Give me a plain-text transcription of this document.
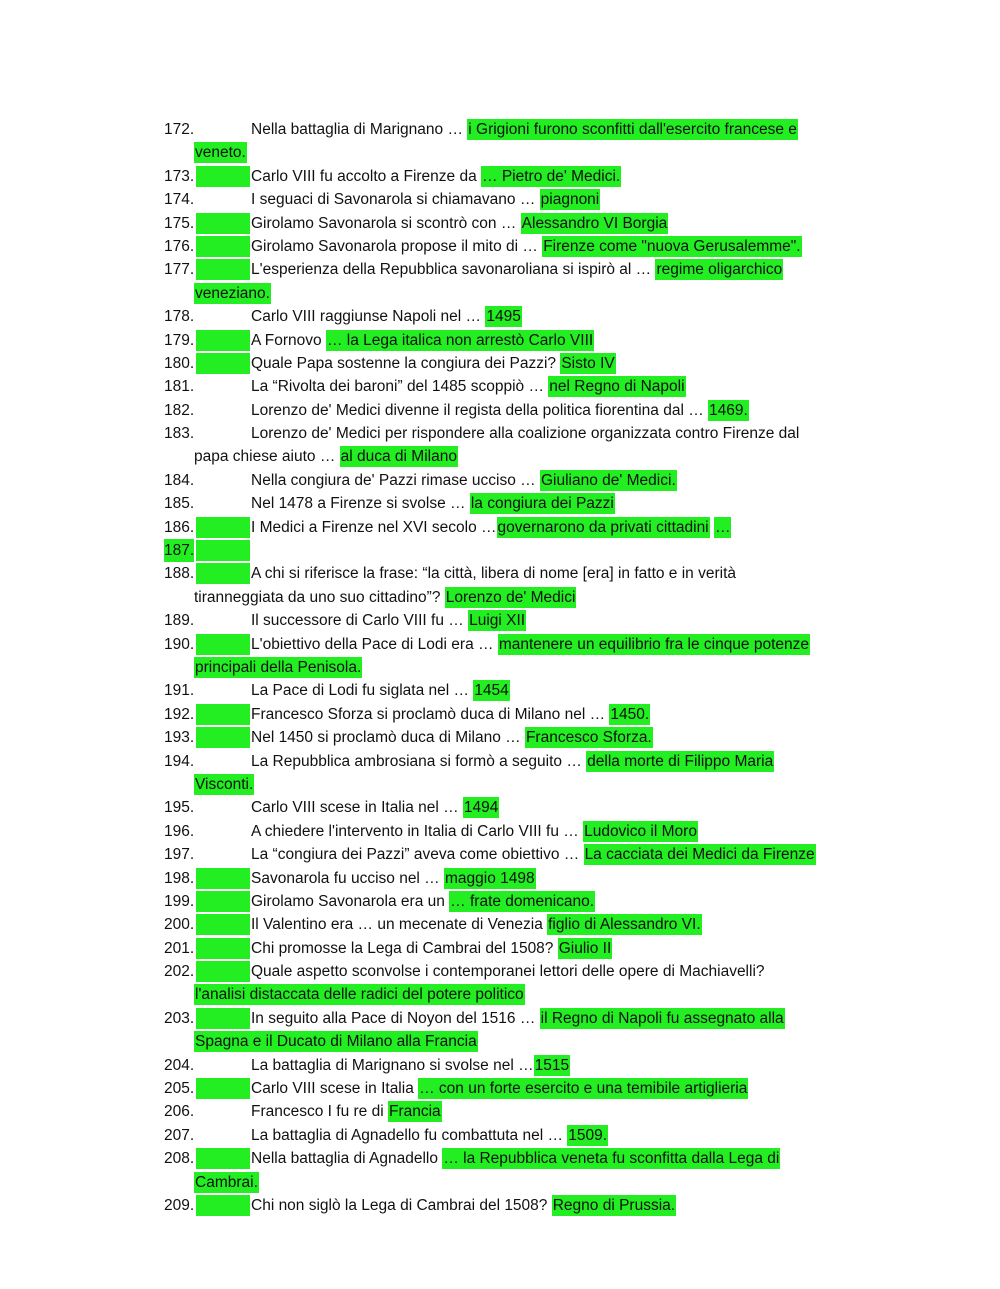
172.	Nella battaglia di Marignano … i Grigioni furono sconfitti dall'esercito francese e
veneto.
173.	Carlo VIII fu accolto a Firenze da … Pietro de' Medici.
174.	I seguaci di Savonarola si chiamavano … piagnoni
175.	Girolamo Savonarola si scontrò con … Alessandro VI Borgia
176.	Girolamo Savonarola propose il mito di … Firenze come "nuova Gerusalemme".
177.	L'esperienza della Repubblica savonaroliana si ispirò al … regime oligarchico
veneziano.
178.	Carlo VIII raggiunse Napoli nel … 1495
179.	A Fornovo … la Lega italica non arrestò Carlo VIII
180.	Quale Papa sostenne la congiura dei Pazzi? Sisto IV
181.	La “Rivolta dei baroni” del 1485 scoppiò … nel Regno di Napoli
182.	Lorenzo de' Medici divenne il regista della politica fiorentina dal … 1469.
183.	Lorenzo de' Medici per rispondere alla coalizione organizzata contro Firenze dal
papa chiese aiuto … al duca di Milano
184.	Nella congiura de' Pazzi rimase ucciso … Giuliano de' Medici.
185.	Nel 1478 a Firenze si svolse … la congiura dei Pazzi
186.	I Medici a Firenze nel XVI secolo …governarono da privati cittadini …
187.
188.	A chi si riferisce la frase: “la città, libera di nome [era] in fatto e in verità
tiranneggiata da uno suo cittadino”? Lorenzo de' Medici
189.	Il successore di Carlo VIII fu … Luigi XII
190.	L'obiettivo della Pace di Lodi era … mantenere un equilibrio fra le cinque potenze
principali della Penisola.
191.	La Pace di Lodi fu siglata nel … 1454
192.	Francesco Sforza si proclamò duca di Milano nel … 1450.
193.	Nel 1450 si proclamò duca di Milano … Francesco Sforza.
194.	La Repubblica ambrosiana si formò a seguito … della morte di Filippo Maria
Visconti.
195.	Carlo VIII scese in Italia nel … 1494
196.	A chiedere l'intervento in Italia di Carlo VIII fu … Ludovico il Moro
197.	La “congiura dei Pazzi” aveva come obiettivo … La cacciata dei Medici da Firenze
198.	Savonarola fu ucciso nel … maggio 1498
199.	Girolamo Savonarola era un … frate domenicano.
200.	Il Valentino era … un mecenate di Venezia figlio di Alessandro VI.
201.	Chi promosse la Lega di Cambrai del 1508? Giulio II
202.	Quale aspetto sconvolse i contemporanei lettori delle opere di Machiavelli?
l'analisi distaccata delle radici del potere politico
203.	In seguito alla Pace di Noyon del 1516 … il Regno di Napoli fu assegnato alla
Spagna e il Ducato di Milano alla Francia
204.	La battaglia di Marignano si svolse nel …1515
205.	Carlo VIII scese in Italia … con un forte esercito e una temibile artiglieria
206.	Francesco I fu re di Francia
207.	La battaglia di Agnadello fu combattuta nel … 1509.
208.	Nella battaglia di Agnadello … la Repubblica veneta fu sconfitta dalla Lega di
Cambrai.
209.	Chi non siglò la Lega di Cambrai del 1508? Regno di Prussia.
